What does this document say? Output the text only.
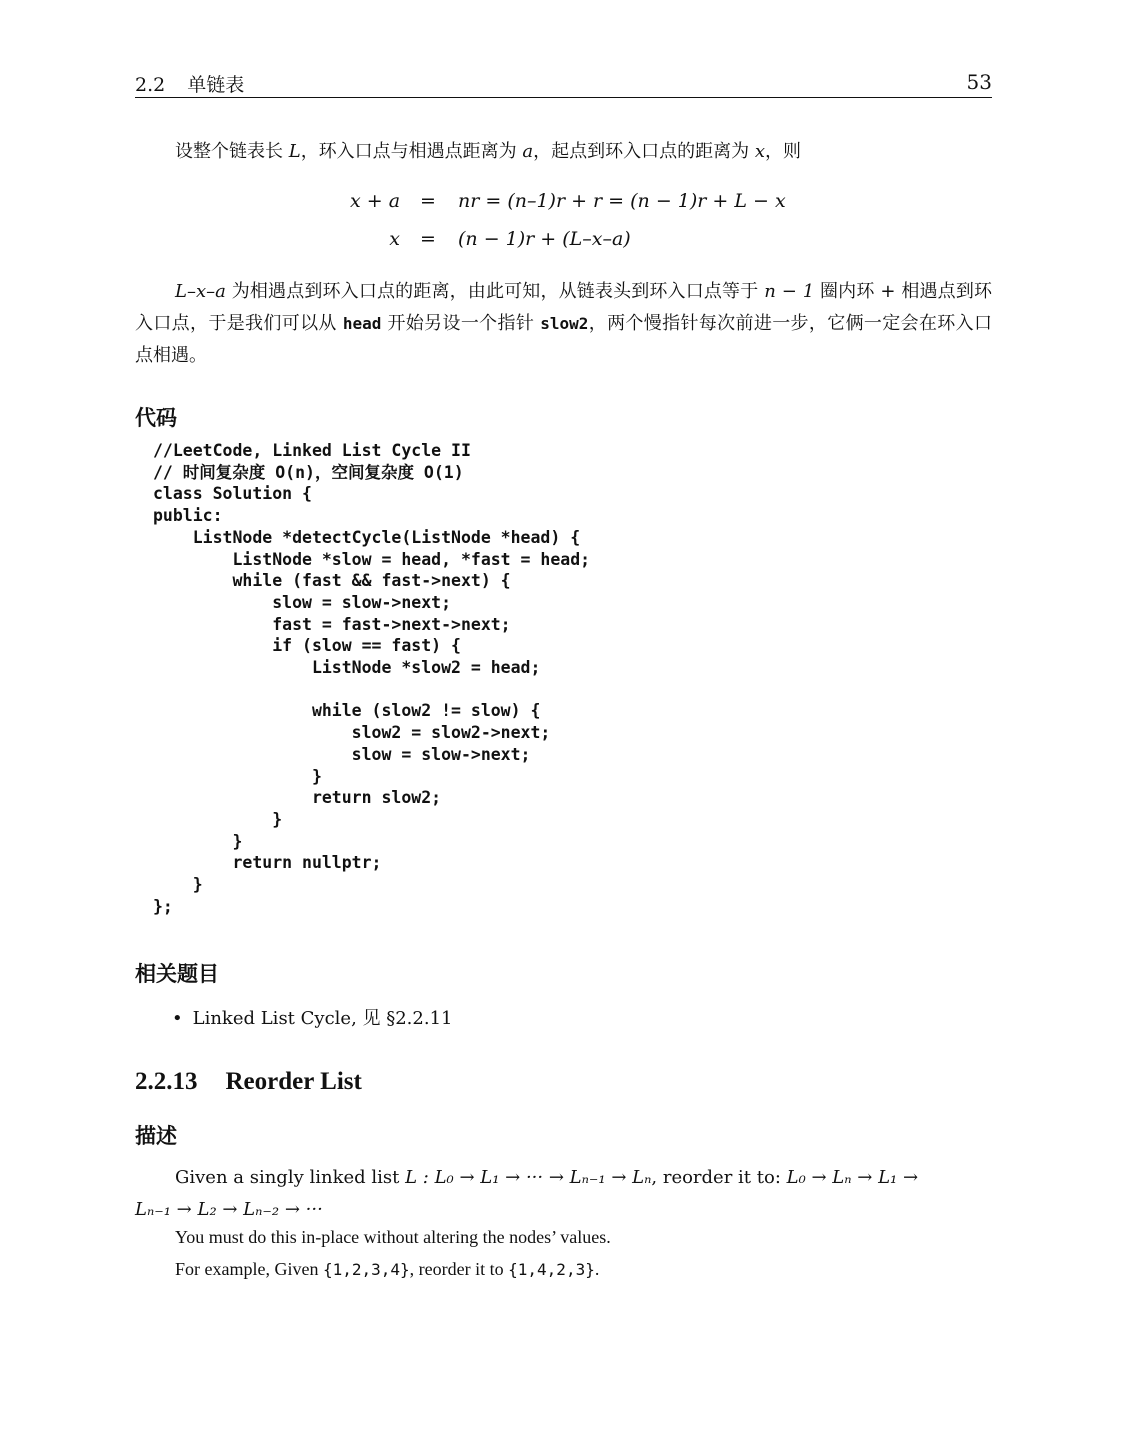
2.2 单链表	53
设整个链表长 L，环入口点与相遇点距离为 a，起点到环入口点的距离为 x，则
x + a = nr = (n–1)r + r = (n − 1)r + L − x
x = (n − 1)r + (L–x–a)
L–x–a 为相遇点到环入口点的距离，由此可知，从链表头到环入口点等于 n − 1 圈内环 + 相遇点到环入口点，于是我们可以从 head 开始另设一个指针 slow2，两个慢指针每次前进一步，它俩一定会在环入口点相遇。
代码
//LeetCode, Linked List Cycle II
// 时间复杂度 O(n)，空间复杂度 O(1)
class Solution {
public:
ListNode *detectCycle(ListNode *head) {
ListNode *slow = head, *fast = head;
while (fast && fast->next) {
slow = slow->next;
fast = fast->next->next;
if (slow == fast) {
ListNode *slow2 = head;

while (slow2 != slow) {
slow2 = slow2->next;
slow = slow->next;
}
return slow2;
}
}
return nullptr;
}
};
相关题目
• Linked List Cycle, 见 §2.2.11
2.2.13 Reorder List
描述
Given a singly linked list L : L₀ → L₁ → ··· → Lₙ₋₁ → Lₙ, reorder it to: L₀ → Lₙ → L₁ →
Lₙ₋₁ → L₂ → Lₙ₋₂ → ···
You must do this in-place without altering the nodes’ values.
For example, Given {1,2,3,4}, reorder it to {1,4,2,3}.
